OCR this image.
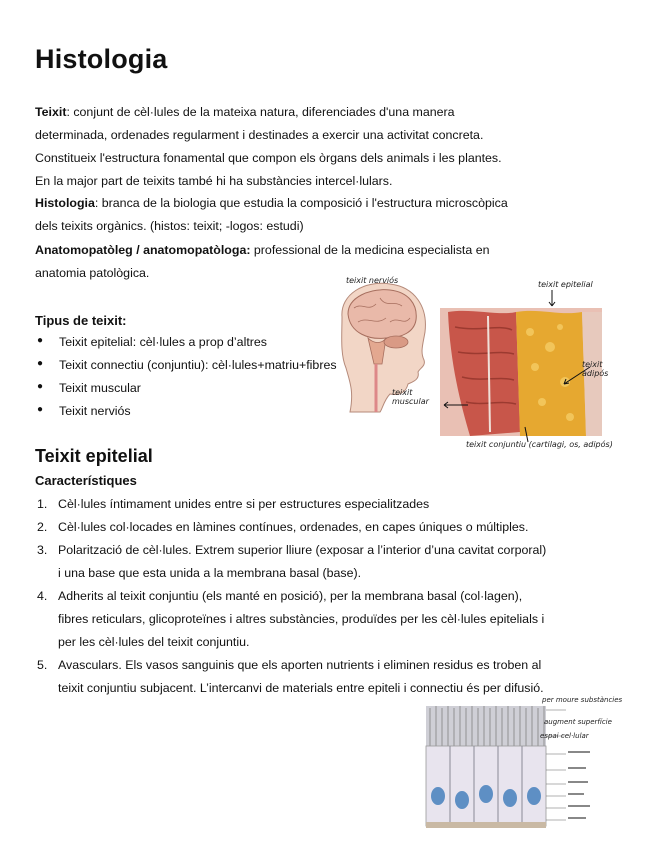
Histologia
Teixit: conjunt de cèl·lules de la mateixa natura, diferenciades d'una manera
determinada, ordenades regularment i destinades a exercir una activitat concreta.
Constitueix l'estructura fonamental que compon els òrgans dels animals i les plantes.
En la major part de teixits també hi ha substàncies intercel·lulars.
Histologia: branca de la biologia que estudia la composició i l'estructura microscòpica
dels teixits orgànics. (histos: teixit; -logos: estudi)
Anatomopatòleg / anatomopatòloga: professional de la medicina especialista en
anatomia patològica.
Tipus de teixit:
● Teixit epitelial: cèl·lules a prop d’altres
● Teixit connectiu (conjuntiu): cèl·lules+matriu+fibres
● Teixit muscular
● Teixit nerviós
teixit nerviós	teixit epitelial
teixit adipós
teixit muscular
teixit conjuntiu (cartilagi, os, adipós)
Teixit epitelial
Característiques
1. Cèl·lules íntimament unides entre si per estructures especialitzades
2. Cèl·lules col·locades en làmines contínues, ordenades, en capes úniques o múltiples.
3. Polarització de cèl·lules. Extrem superior lliure (exposar a l’interior d’una cavitat corporal)
i una base que esta unida a la membrana basal (base).
4. Adherits al teixit conjuntiu (els manté en posició), per la membrana basal (col·lagen),
fibres reticulars, glicoproteïnes i altres substàncies, produïdes per les cèl·lules epitelials i
per les cèl·lules del teixit conjuntiu.
5. Avasculars. Els vasos sanguinis que els aporten nutrients i eliminen residus es troben al
teixit conjuntiu subjacent. L’intercanvi de materials entre epiteli i connectiu és per difusió.
per moure substàncies
augment superfície
espai cel·lular
